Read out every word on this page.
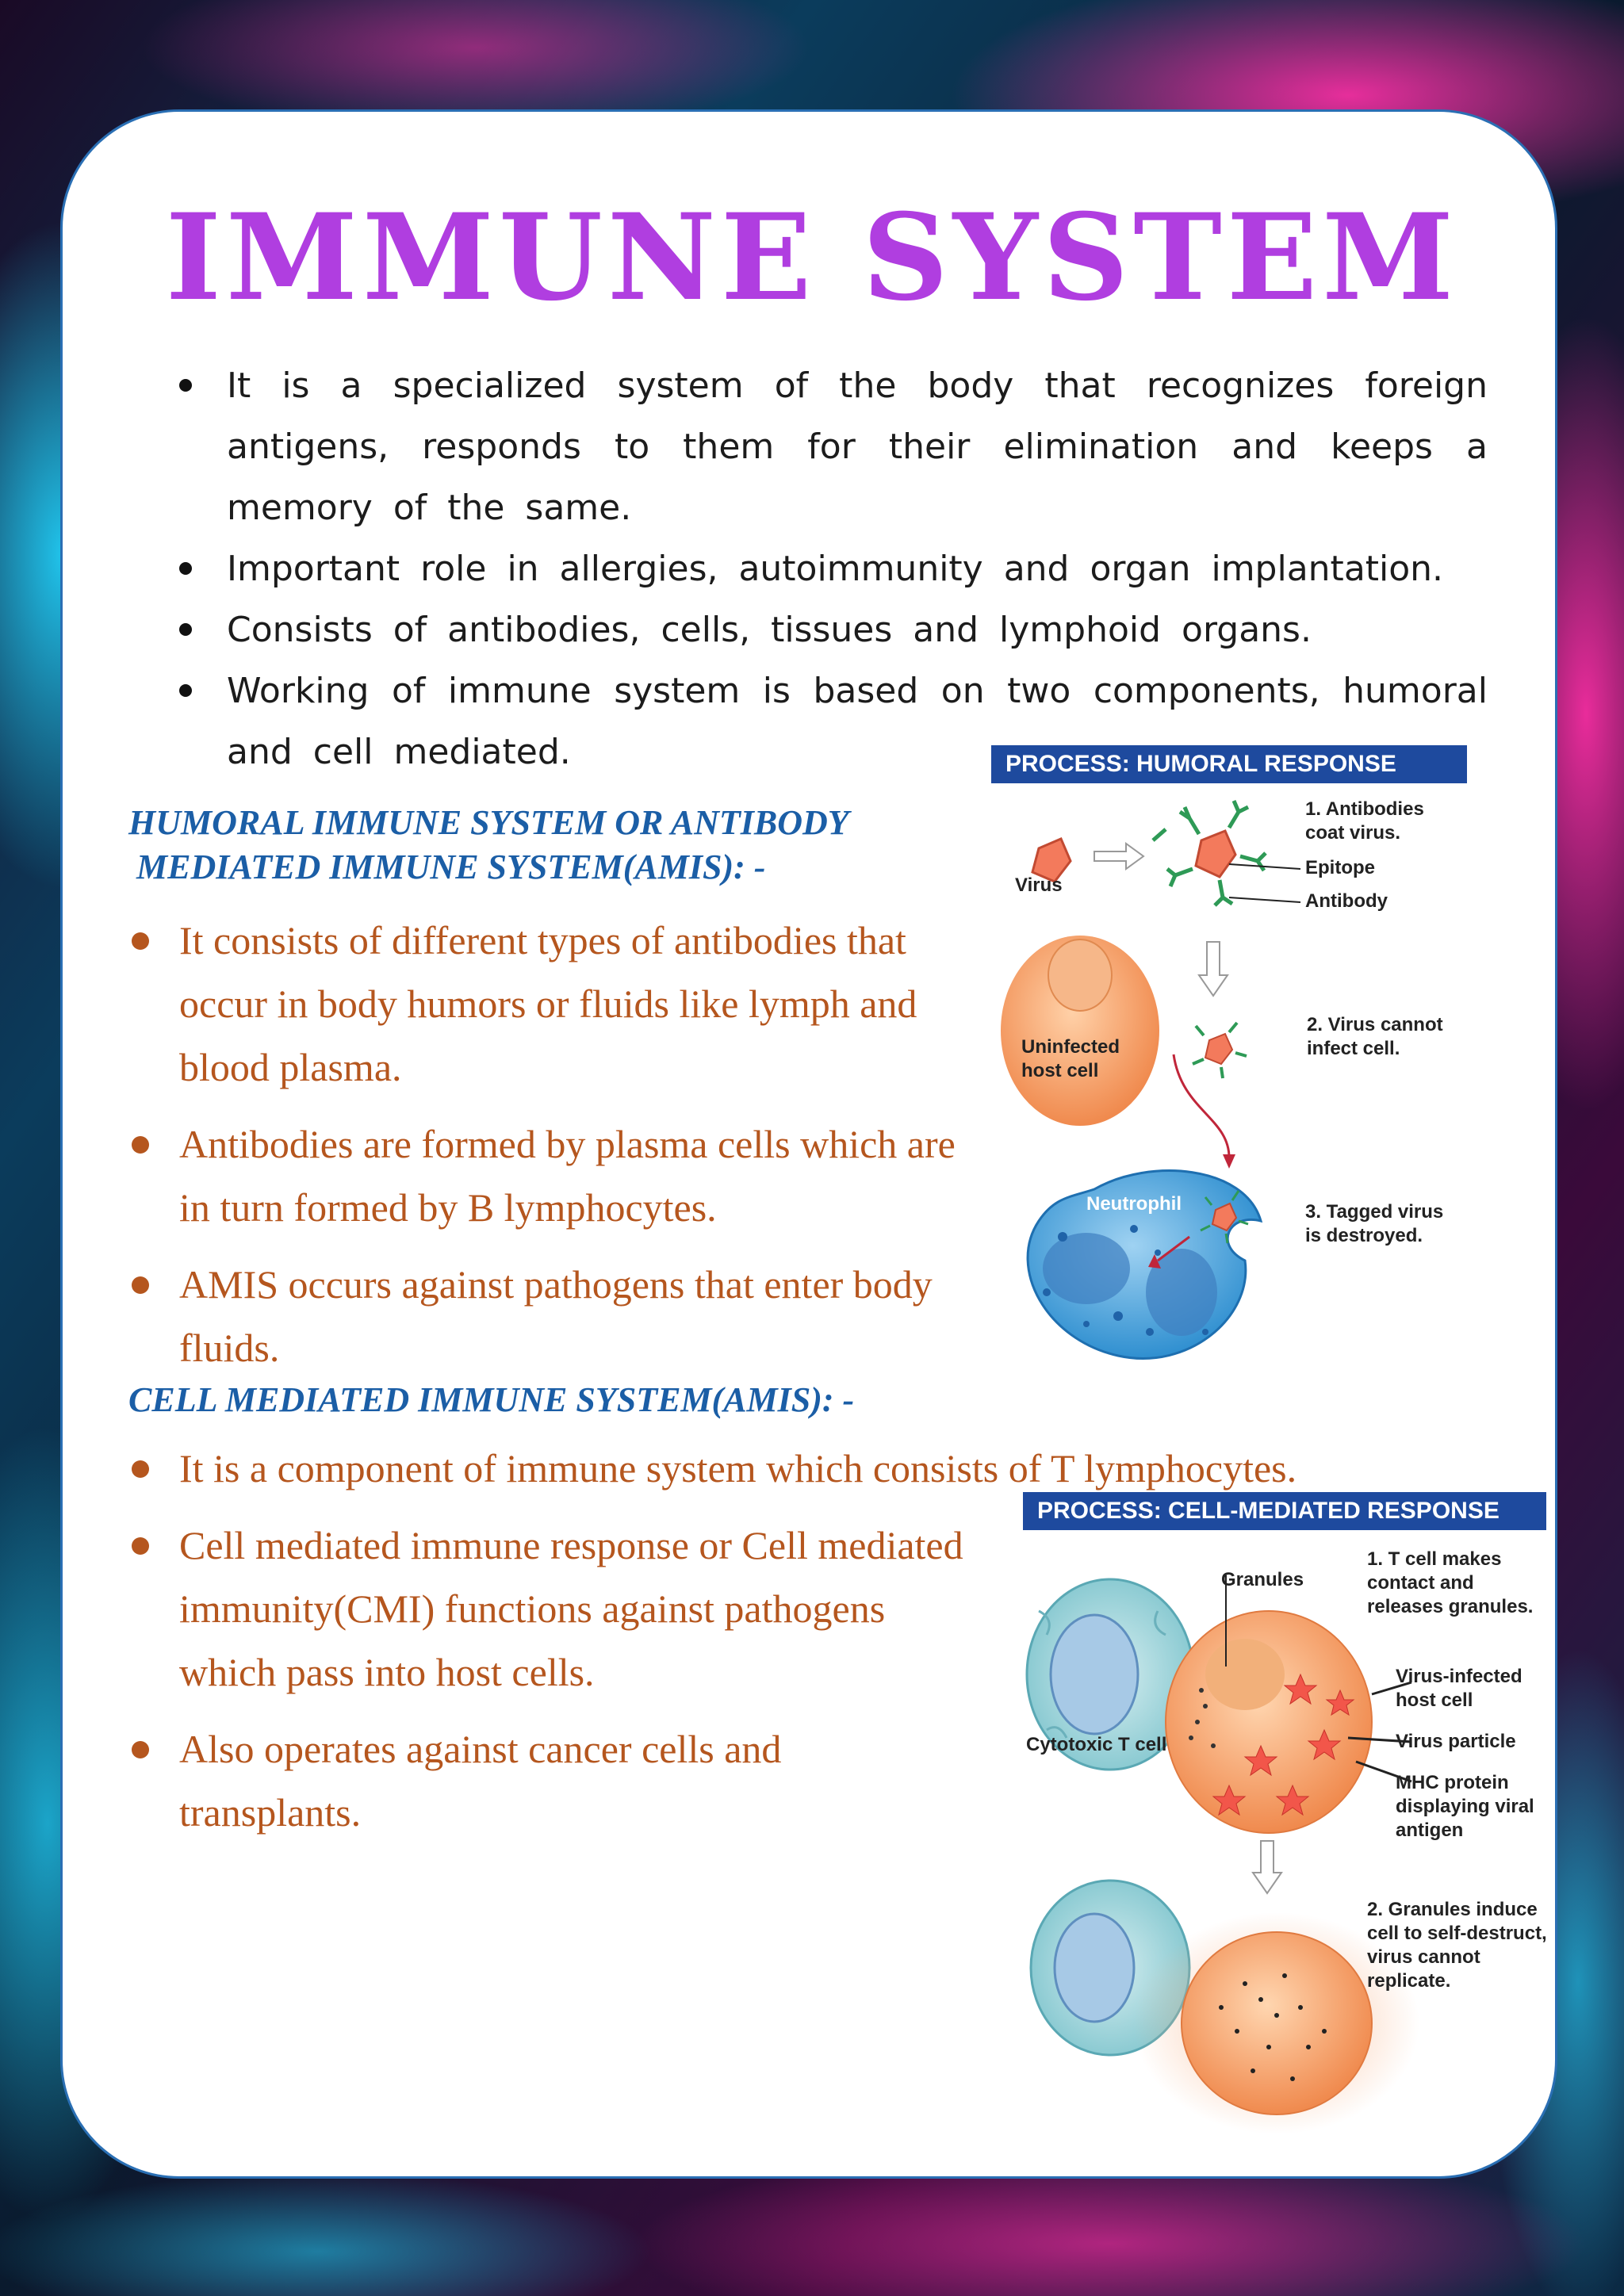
IMMUNE SYSTEM
It is a specialized system of the body that recognizes foreign antigens, responds to them for their elimination and keeps a memory of the same.
Important role in allergies, autoimmunity and organ implantation.
Consists of antibodies, cells, tissues and lymphoid organs.
Working of immune system is based on two components, humoral and cell mediated.
HUMORAL IMMUNE SYSTEM OR ANTIBODY
MEDIATED IMMUNE SYSTEM(AMIS): -
It consists of different types of antibodies that occur in body humors or fluids like lymph and blood plasma.
Antibodies are formed by plasma cells which are in turn formed by B lymphocytes.
AMIS occurs against pathogens that enter body fluids.
CELL MEDIATED IMMUNE SYSTEM(AMIS): -
It is a component of immune system which consists of T lymphocytes.
Cell mediated immune response or Cell mediated immunity(CMI) functions against pathogens which pass into host cells.
Also operates against cancer cells and transplants.
PROCESS: HUMORAL RESPONSE
Virus
1. Antibodies coat virus.
Epitope
Antibody
Uninfected host cell
2. Virus cannot infect cell.
Neutrophil	3. Tagged virus is destroyed.
PROCESS: CELL-MEDIATED RESPONSE
Granules
1. T cell makes contact and releases granules.
Virus-infected host cell
Virus particle
MHC protein displaying viral antigen
Cytotoxic T cell
2. Granules induce cell to self-destruct, virus cannot replicate.
